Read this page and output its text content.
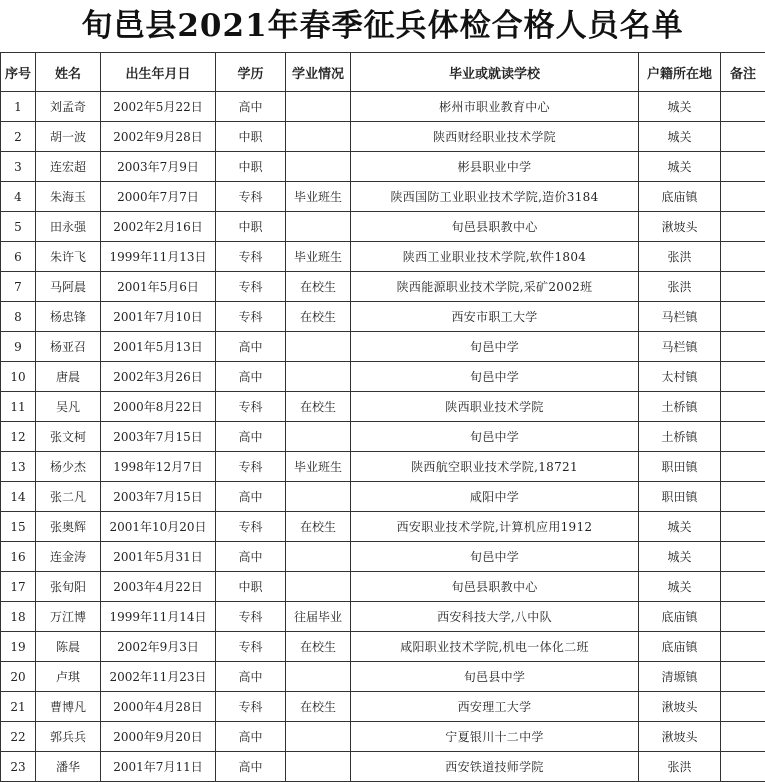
旬邑县2021年春季征兵体检合格人员名单
序号	姓名	出生年月日	学历	学业情况	毕业或就读学校	户籍所在地	备注
1	刘孟奇	2002年5月22日	高中		彬州市职业教育中心	城关	
2	胡一波	2002年9月28日	中职		陕西财经职业技术学院	城关	
3	连宏超	2003年7月9日	中职		彬县职业中学	城关	
4	朱海玉	2000年7月7日	专科	毕业班生	陕西国防工业职业技术学院,造价3184	底庙镇	
5	田永强	2002年2月16日	中职		旬邑县职教中心	湫坡头	
6	朱许飞	1999年11月13日	专科	毕业班生	陕西工业职业技术学院,软件1804	张洪	
7	马阿晨	2001年5月6日	专科	在校生	陕西能源职业技术学院,采矿2002班	张洪	
8	杨忠锋	2001年7月10日	专科	在校生	西安市职工大学	马栏镇	
9	杨亚召	2001年5月13日	高中		旬邑中学	马栏镇	
10	唐晨	2002年3月26日	高中		旬邑中学	太村镇	
11	吴凡	2000年8月22日	专科	在校生	陕西职业技术学院	土桥镇	
12	张文柯	2003年7月15日	高中		旬邑中学	土桥镇	
13	杨少杰	1998年12月7日	专科	毕业班生	陕西航空职业技术学院,18721	职田镇	
14	张二凡	2003年7月15日	高中		咸阳中学	职田镇	
15	张奥辉	2001年10月20日	专科	在校生	西安职业技术学院,计算机应用1912	城关	
16	连金涛	2001年5月31日	高中		旬邑中学	城关	
17	张旬阳	2003年4月22日	中职		旬邑县职教中心	城关	
18	万江博	1999年11月14日	专科	往届毕业	西安科技大学,八中队	底庙镇	
19	陈晨	2002年9月3日	专科	在校生	咸阳职业技术学院,机电一体化二班	底庙镇	
20	卢琪	2002年11月23日	高中		旬邑县中学	清塬镇	
21	曹博凡	2000年4月28日	专科	在校生	西安理工大学	湫坡头	
22	郭兵兵	2000年9月20日	高中		宁夏银川十二中学	湫坡头	
23	潘华	2001年7月11日	高中		西安铁道技师学院	张洪	
